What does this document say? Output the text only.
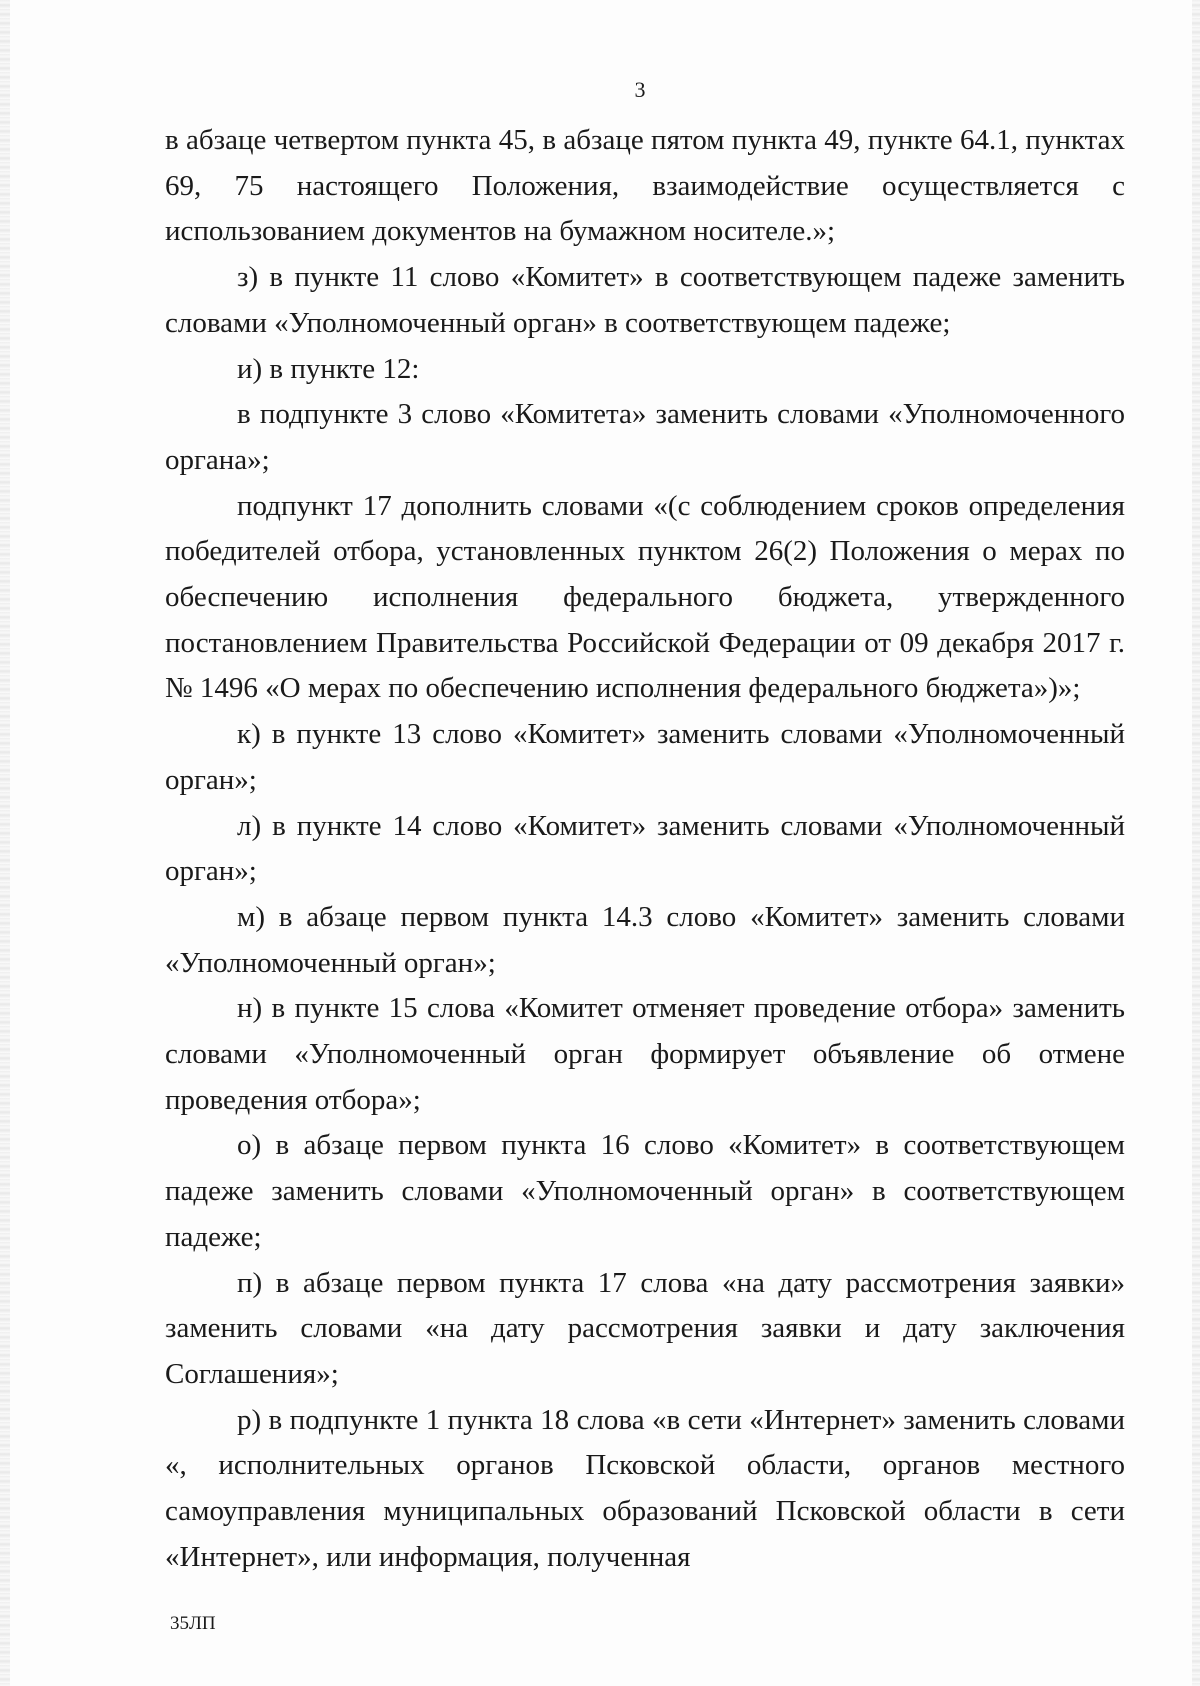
3

в абзаце четвертом пункта 45, в абзаце пятом пункта 49, пункте 64.1, пунктах 69, 75 настоящего Положения, взаимодействие осуществляется с использованием документов на бумажном носителе.»;

з) в пункте 11 слово «Комитет» в соответствующем падеже заменить словами «Уполномоченный орган» в соответствующем падеже;

и) в пункте 12:

в подпункте 3 слово «Комитета» заменить словами «Уполномоченного органа»;

подпункт 17 дополнить словами «(с соблюдением сроков определения победителей отбора, установленных пунктом 26(2) Положения о мерах по обеспечению исполнения федерального бюджета, утвержденного постановлением Правительства Российской Федерации от 09 декабря 2017 г. № 1496 «О мерах по обеспечению исполнения федерального бюджета»)»;

к) в пункте 13 слово «Комитет» заменить словами «Уполномоченный орган»;

л) в пункте 14 слово «Комитет» заменить словами «Уполномоченный орган»;

м) в абзаце первом пункта 14.3 слово «Комитет» заменить словами «Уполномоченный орган»;

н) в пункте 15 слова «Комитет отменяет проведение отбора» заменить словами «Уполномоченный орган формирует объявление об отмене проведения отбора»;

о) в абзаце первом пункта 16 слово «Комитет» в соответствующем падеже заменить словами «Уполномоченный орган» в соответствующем падеже;

п) в абзаце первом пункта 17 слова «на дату рассмотрения заявки» заменить словами «на дату рассмотрения заявки и дату заключения Соглашения»;

р) в подпункте 1 пункта 18 слова «в сети «Интернет» заменить словами «, исполнительных органов Псковской области, органов местного самоуправления муниципальных образований Псковской области в сети «Интернет», или информация, полученная

35ЛП
